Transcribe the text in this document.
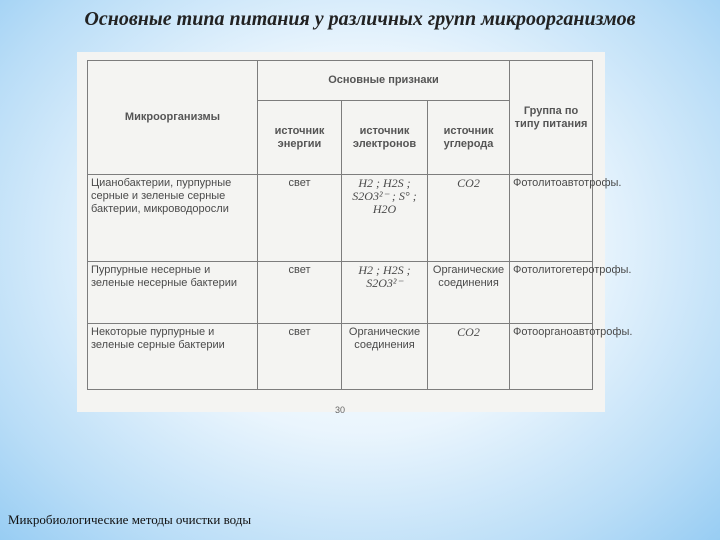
Основные типа питания у различных групп микроорганизмов
Микроорганизмы	Основные признаки			Группа по типу питания
	источник энергии	источник электронов	источник углерода	
Цианобактерии, пурпурные серные и зеленые серные бактерии, микроводоросли	свет	H2 ; H2S ;
S2O3²⁻ ; S° ;
H2O	CO2	Фотолитоавтотрофы.
Пурпурные несерные и зеленые несерные бактерии	свет	H2 ; H2S ;
S2O3²⁻	Органические соединения	Фотолитогетеротрофы.
Некоторые пурпурные и зеленые серные бактерии	свет	Органические соединения	CO2	Фотоорганоавтотрофы.
30
Микробиологические методы очистки воды
